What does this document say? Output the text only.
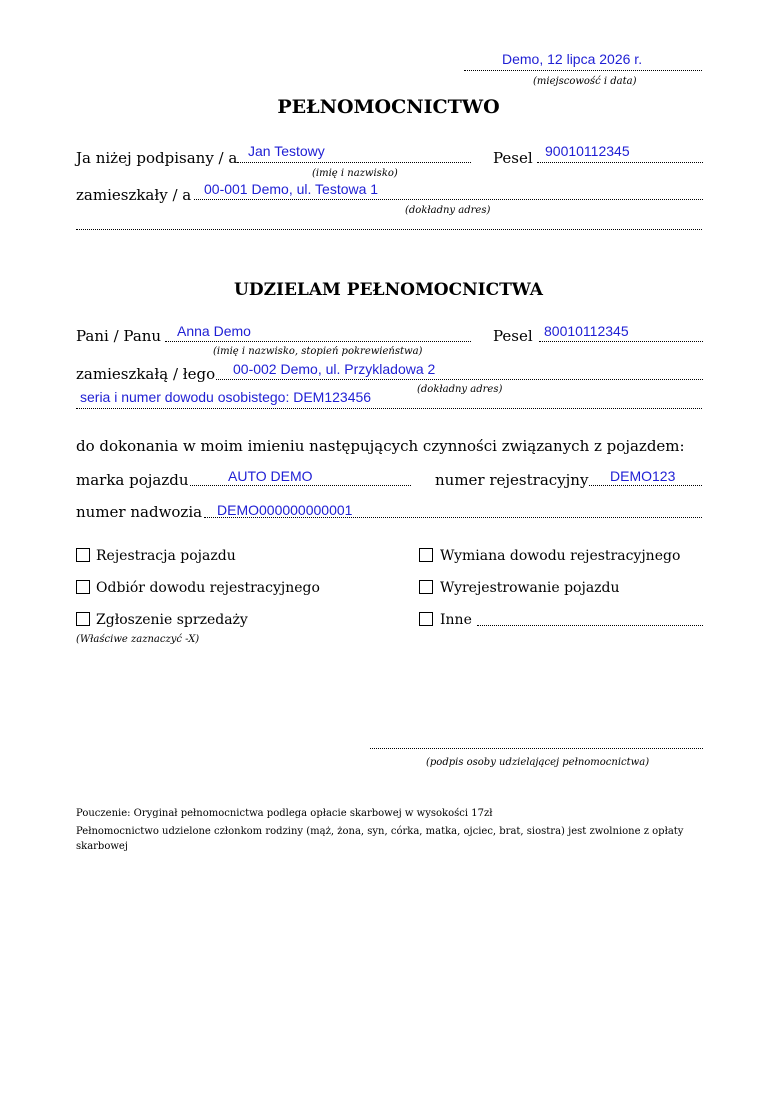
Demo, 12 lipca 2026 r.
(miejscowość i data)
PEŁNOMOCNICTWO
Ja niżej podpisany / a Jan Testowy
(imię i nazwisko)
Pesel 90010112345
zamieszkały / a 00-001 Demo, ul. Testowa 1
(dokładny adres)
UDZIELAM PEŁNOMOCNICTWA
Pani / Panu Anna Demo
(imię i nazwisko, stopień pokrewieństwa)
Pesel 80010112345
zamieszkałą / łego 00-002 Demo, ul. Przykladowa 2
(dokładny adres)
seria i numer dowodu osobistego: DEM123456
do dokonania w moim imieniu następujących czynności związanych z pojazdem:
marka pojazdu	AUTO DEMO	numer rejestracyjny DEMO123
numer nadwozia DEMO000000000001
Rejestracja pojazdu	Wymiana dowodu rejestracyjnego
Odbiór dowodu rejestracyjnego	Wyrejestrowanie pojazdu
Zgłoszenie sprzedaży	Inne
(Właściwe zaznaczyć -X)
(podpis osoby udzielającej pełnomocnictwa)
Pouczenie: Oryginał pełnomocnictwa podlega opłacie skarbowej w wysokości 17zł
Pełnomocnictwo udzielone członkom rodziny (mąż, żona, syn, córka, matka, ojciec, brat, siostra) jest zwolnione z opłaty skarbowej
